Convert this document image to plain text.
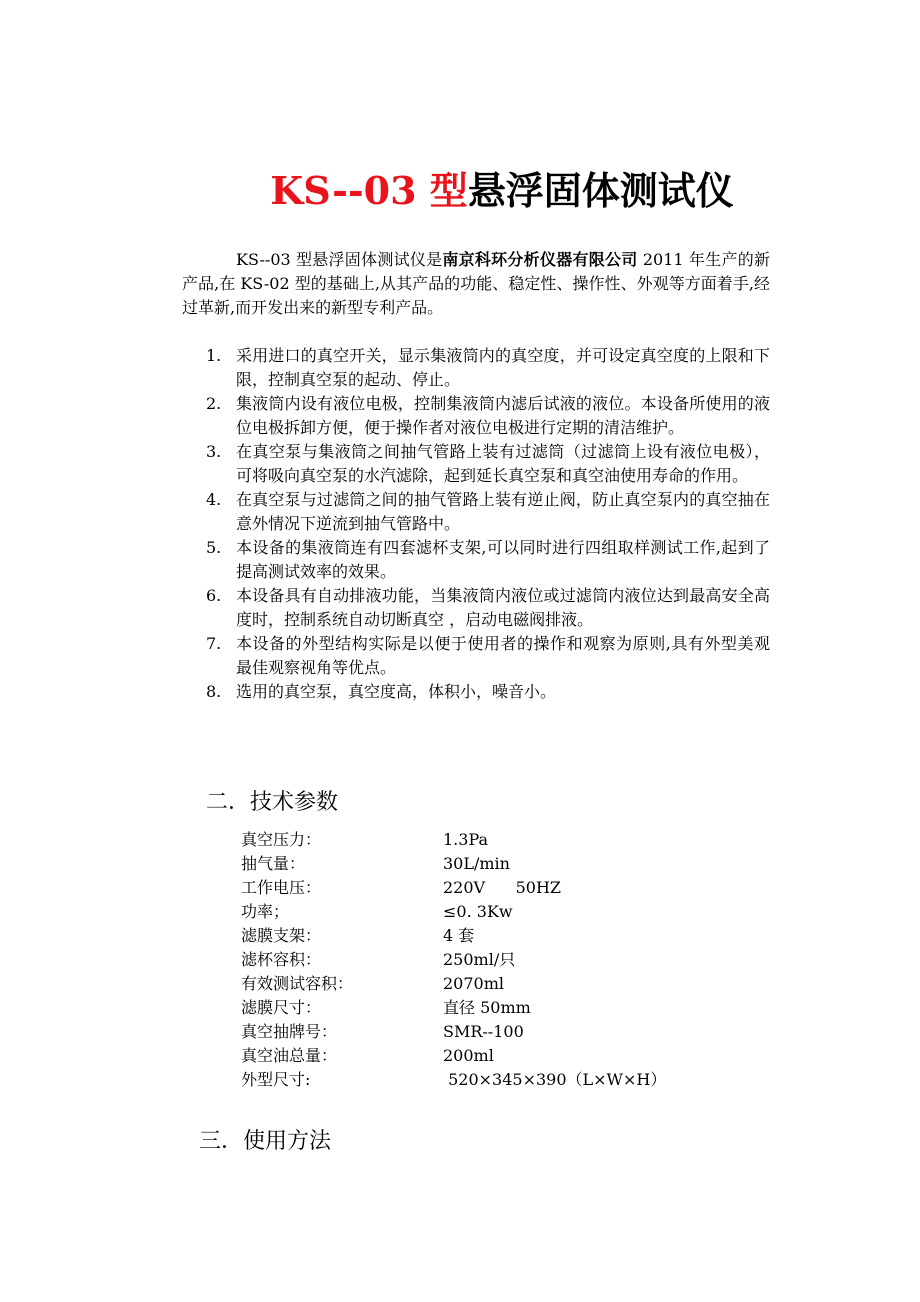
KS--03 型悬浮固体测试仪

KS--03 型悬浮固体测试仪是南京科环分析仪器有限公司 2011 年生产的新产品,在 KS-02 型的基础上,从其产品的功能、稳定性、操作性、外观等方面着手,经过革新,而开发出来的新型专利产品。

1. 采用进口的真空开关，显示集液筒内的真空度，并可设定真空度的上限和下限，控制真空泵的起动、停止。
2. 集液筒内设有液位电极，控制集液筒内滤后试液的液位。本设备所使用的液位电极拆卸方便，便于操作者对液位电极进行定期的清洁维护。
3. 在真空泵与集液筒之间抽气管路上装有过滤筒（过滤筒上设有液位电极），可将吸向真空泵的水汽滤除，起到延长真空泵和真空油使用寿命的作用。
4. 在真空泵与过滤筒之间的抽气管路上装有逆止阀，防止真空泵内的真空抽在意外情况下逆流到抽气管路中。
5. 本设备的集液筒连有四套滤杯支架,可以同时进行四组取样测试工作,起到了提高测试效率的效果。
6. 本设备具有自动排液功能，当集液筒内液位或过滤筒内液位达到最高安全高度时，控制系统自动切断真空 ，启动电磁阀排液。
7. 本设备的外型结构实际是以便于使用者的操作和观察为原则,具有外型美观 最佳观察视角等优点。
8. 选用的真空泵，真空度高，体积小，噪音小。
二．技术参数
真空压力：	1.3Pa
抽气量：	30L/min
工作电压：	220V      50HZ
功率；	≤0. 3Kw
滤膜支架：	4 套
滤杯容积：	250ml/只
有效测试容积：	2070ml
滤膜尺寸：	直径 50mm
真空抽牌号：	SMR--100
真空油总量：	200ml
外型尺寸:	520×345×390（L×W×H）
三．使用方法
